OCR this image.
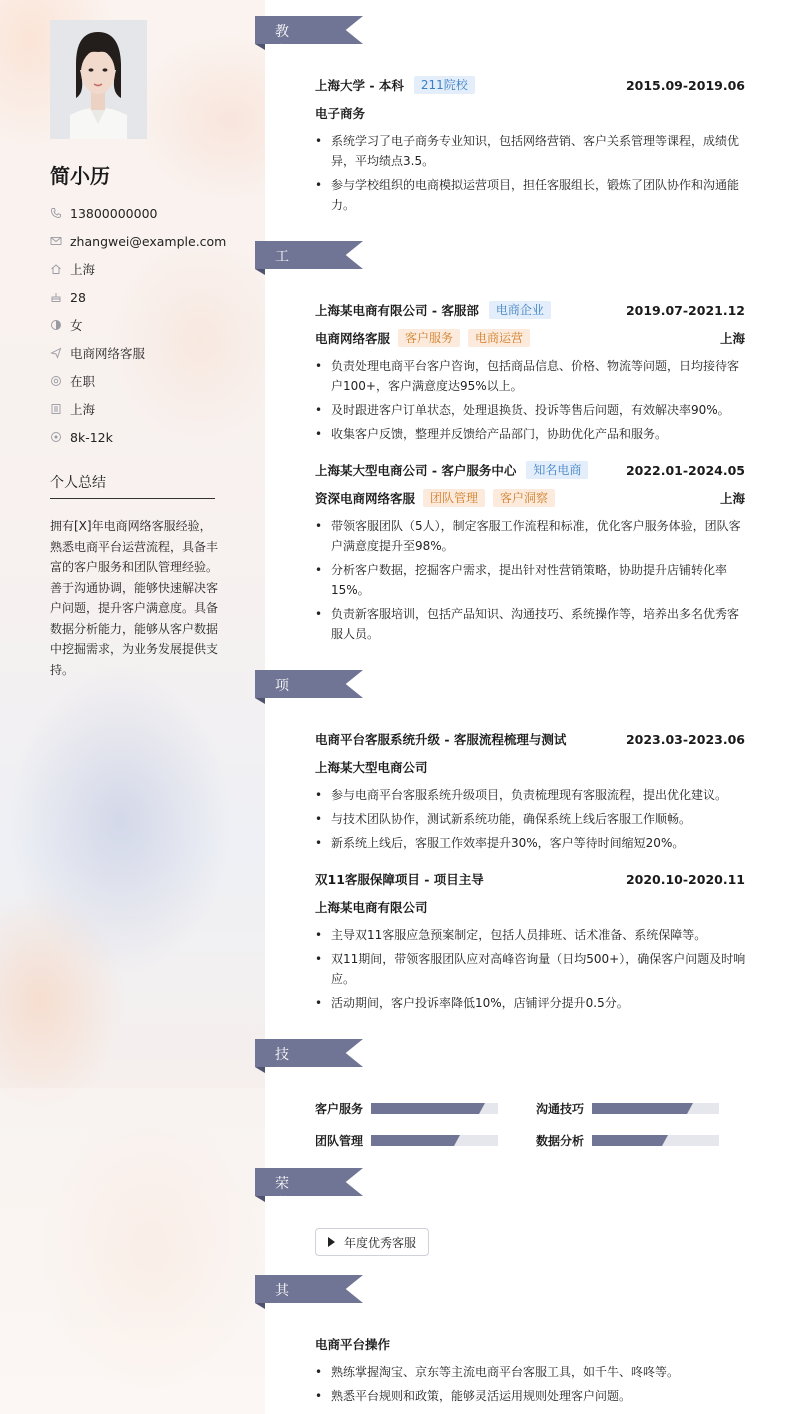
简小历
13800000000
zhangwei@example.com
上海
28
女
电商网络客服
在职
上海
8k-12k
个人总结
拥有[X]年电商网络客服经验，熟悉电商平台运营流程，具备丰富的客户服务和团队管理经验。善于沟通协调，能够快速解决客户问题，提升客户满意度。具备数据分析能力，能够从客户数据中挖掘需求，为业务发展提供支持。
教育经历 上海大学 - 本科	211院校	2015.09-2019.06
电子商务
• 系统学习了电子商务专业知识，包括网络营销、客户关系管理等课程，成绩优异，平均绩点3.5。
• 参与学校组织的电商模拟运营项目，担任客服组长，锻炼了团队协作和沟通能力。
工作经历 上海某电商有限公司 - 客服部	电商企业	2019.07-2021.12
电商网络客服	客户服务	电商运营	上海
• 负责处理电商平台客户咨询，包括商品信息、价格、物流等问题，日均接待客户100+，客户满意度达95%以上。
• 及时跟进客户订单状态，处理退换货、投诉等售后问题，有效解决率90%。
• 收集客户反馈，整理并反馈给产品部门，协助优化产品和服务。
上海某大型电商公司 - 客户服务中心	知名电商	2022.01-2024.05
资深电商网络客服	团队管理	客户洞察	上海
• 带领客服团队（5人），制定客服工作流程和标准，优化客户服务体验，团队客户满意度提升至98%。
• 分析客户数据，挖掘客户需求，提出针对性营销策略，协助提升店铺转化率15%。
• 负责新客服培训，包括产品知识、沟通技巧、系统操作等，培养出多名优秀客服人员。
项目经历 电商平台客服系统升级 - 客服流程梳理与测试	2023.03-2023.06
上海某大型电商公司
• 参与电商平台客服系统升级项目，负责梳理现有客服流程，提出优化建议。
• 与技术团队协作，测试新系统功能，确保系统上线后客服工作顺畅。
• 新系统上线后，客服工作效率提升30%，客户等待时间缩短20%。
双11客服保障项目 - 项目主导	2020.10-2020.11
上海某电商有限公司
• 主导双11客服应急预案制定，包括人员排班、话术准备、系统保障等。
• 双11期间，带领客服团队应对高峰咨询量（日均500+），确保客户问题及时响应。
• 活动期间，客户投诉率降低10%，店铺评分提升0.5分。
技能专长 客户服务	沟通技巧
团队管理	数据分析
荣誉奖项	年度优秀客服
其他信息 电商平台操作
• 熟练掌握淘宝、京东等主流电商平台客服工具，如千牛、咚咚等。
• 熟悉平台规则和政策，能够灵活运用规则处理客户问题。
